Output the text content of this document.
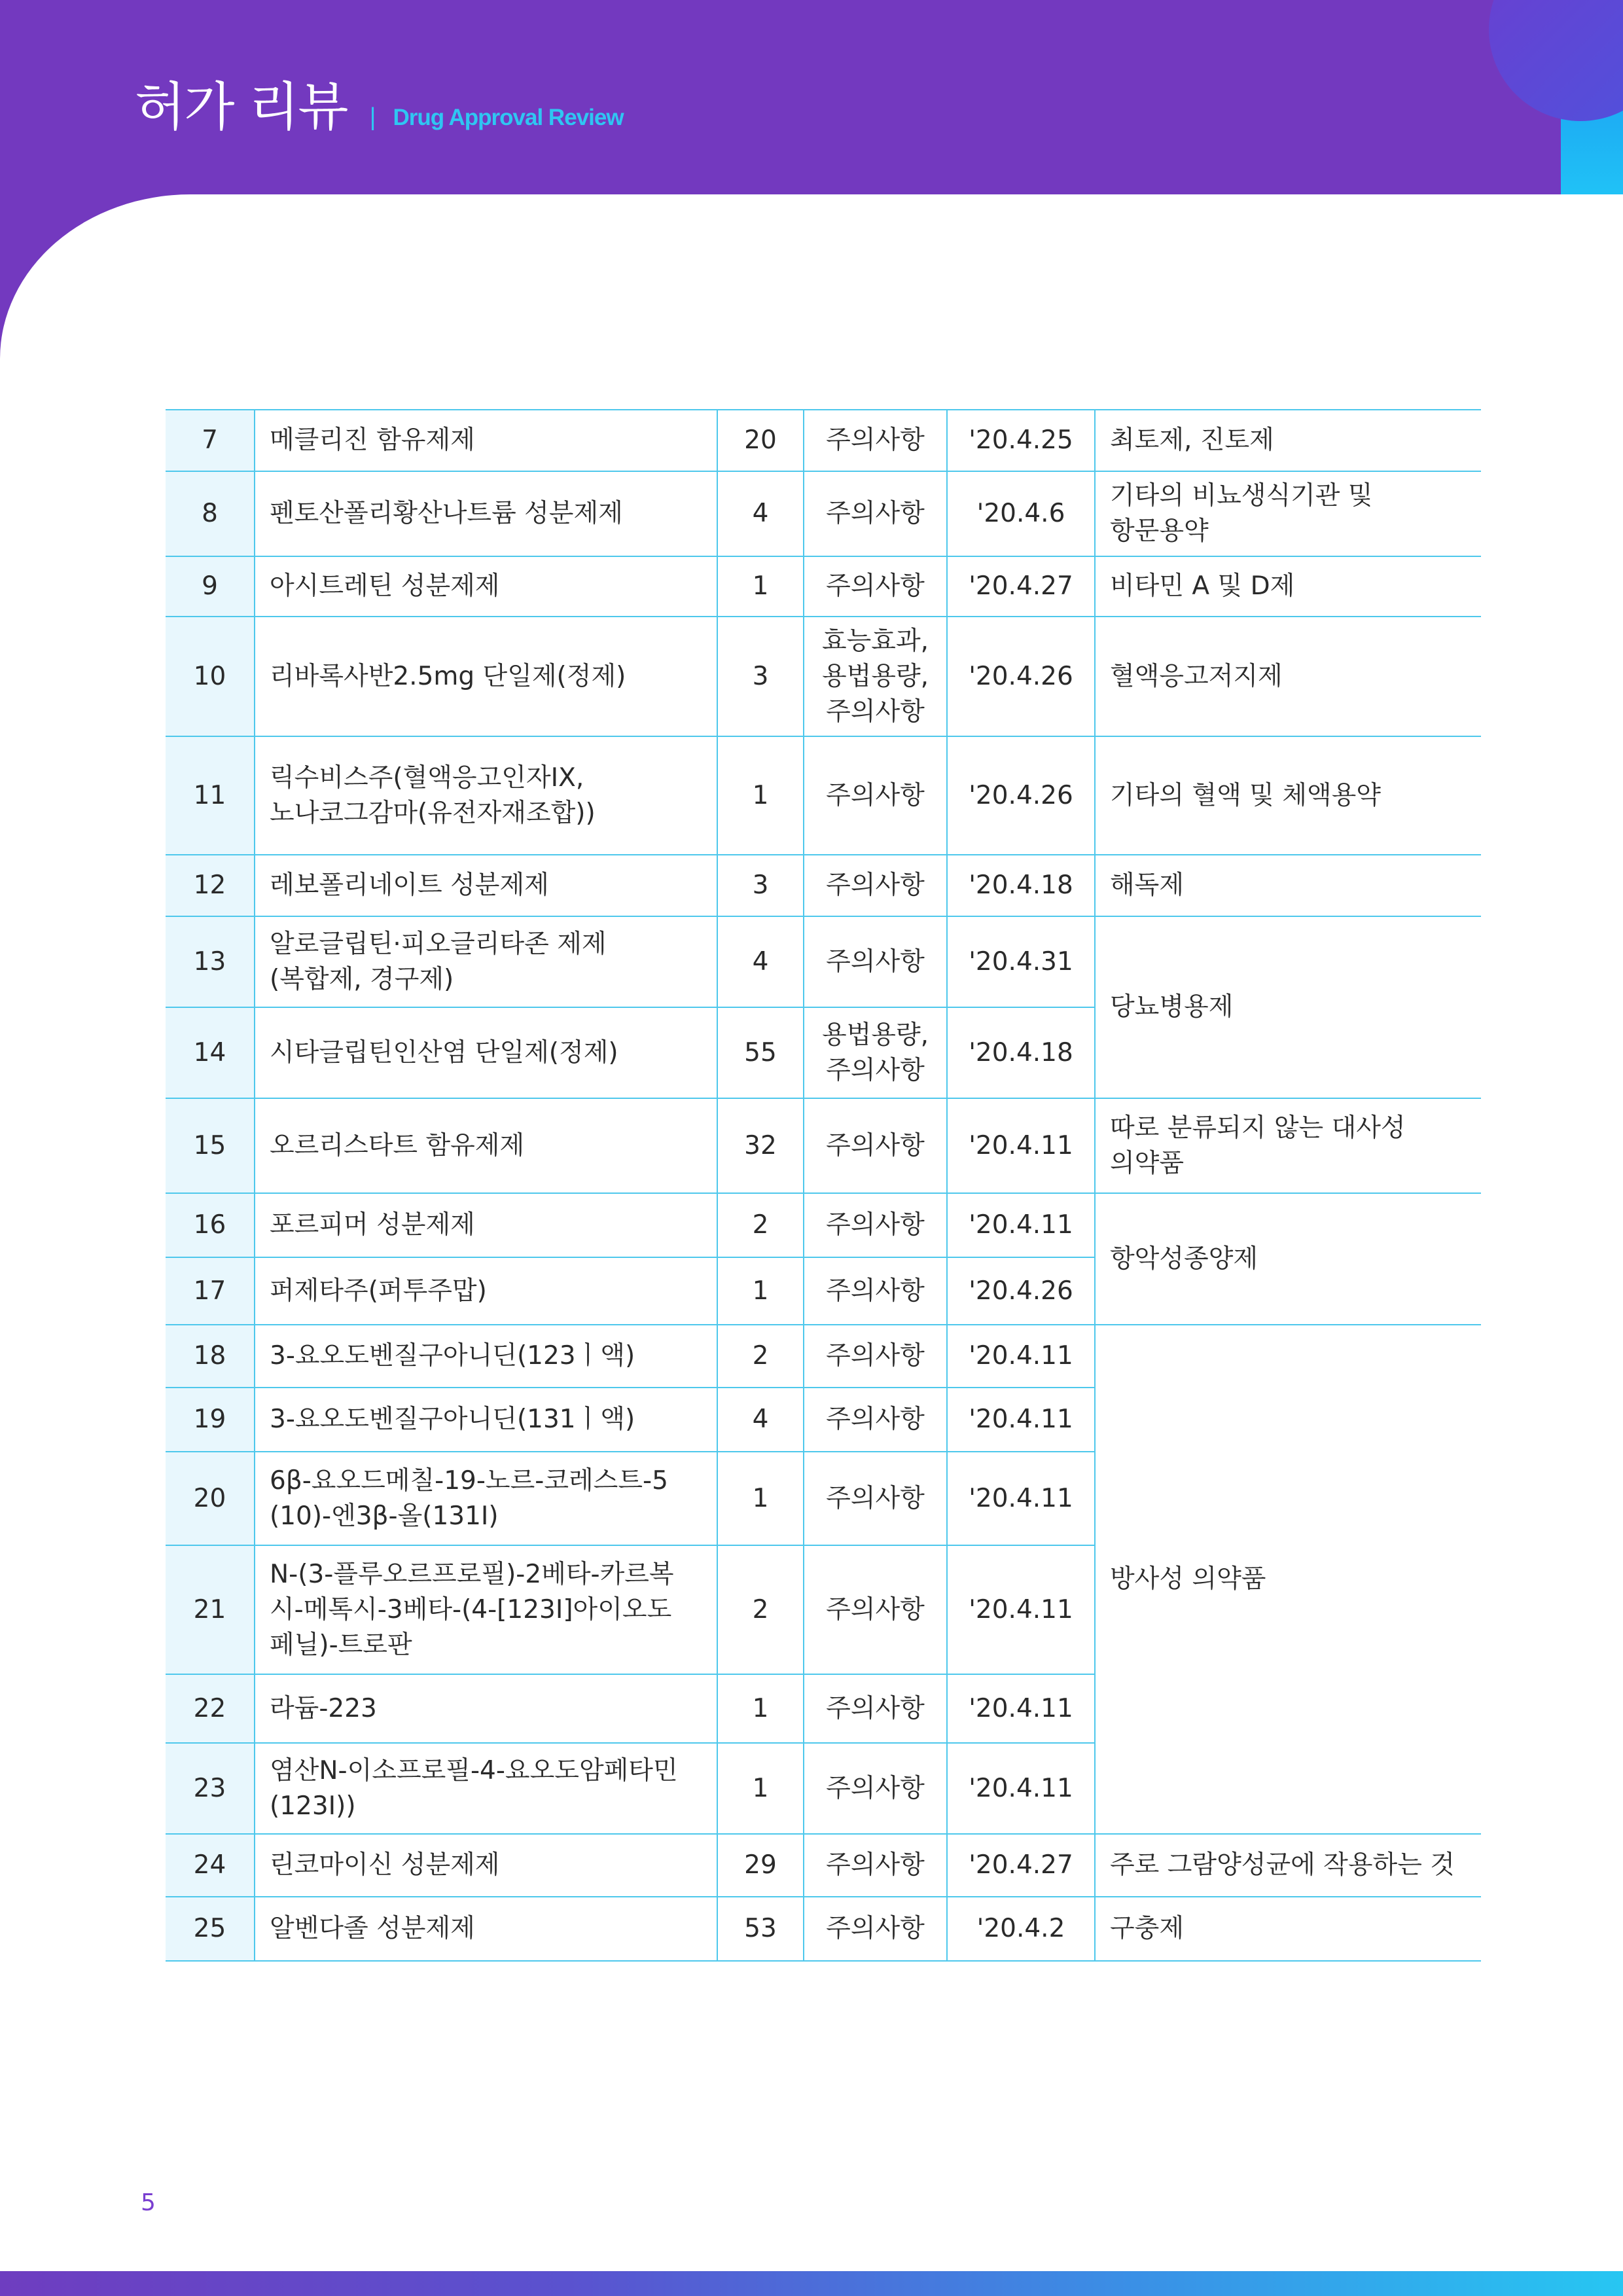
허가 리뷰 | Drug Approval Review
7	메클리진 함유제제	20	주의사항	'20.4.25	최토제, 진토제

8	펜토산폴리황산나트륨 성분제제	4	주의사항	'20.4.6	기타의 비뇨생식기관 및
항문용약

9	아시트레틴 성분제제	1	주의사항	'20.4.27	비타민 A 및 D제

10	리바록사반2.5mg 단일제(정제)	3	효능효과,
용법용량,
주의사항	'20.4.26	혈액응고저지제

11	릭수비스주(혈액응고인자IX,
노나코그감마(유전자재조합))	1	주의사항	'20.4.26	기타의 혈액 및 체액용약

12	레보폴리네이트 성분제제	3	주의사항	'20.4.18	해독제

13	알로글립틴·피오글리타존 제제
(복합제, 경구제)	4	주의사항	'20.4.31	당뇨병용제

14	시타글립틴인산염 단일제(정제)	55	용법용량,
주의사항	'20.4.18	
15	오르리스타트 함유제제	32	주의사항	'20.4.11	따로 분류되지 않는 대사성
의약품

16	포르피머 성분제제	2	주의사항	'20.4.11	항악성종양제

17	퍼제타주(퍼투주맙)	1	주의사항	'20.4.26	
18	3-요오도벤질구아니딘(123ㅣ액)	2	주의사항	'20.4.11	방사성 의약품

19	3-요오도벤질구아니딘(131ㅣ액)	4	주의사항	'20.4.11	
20	6β-요오드메칠-19-노르-코레스트-5
(10)-엔3β-올(131I)	1	주의사항	'20.4.11	
21	N-(3-플루오르프로필)-2베타-카르복
시-메톡시-3베타-(4-[123I]아이오도
페닐)-트로판	2	주의사항	'20.4.11	
22	라듐-223	1	주의사항	'20.4.11	
23	염산N-이소프로필-4-요오도암페타민
(123I))	1	주의사항	'20.4.11	
24	린코마이신 성분제제	29	주의사항	'20.4.27	주로 그람양성균에 작용하는 것

25	알벤다졸 성분제제	53	주의사항	'20.4.2	구충제
5
